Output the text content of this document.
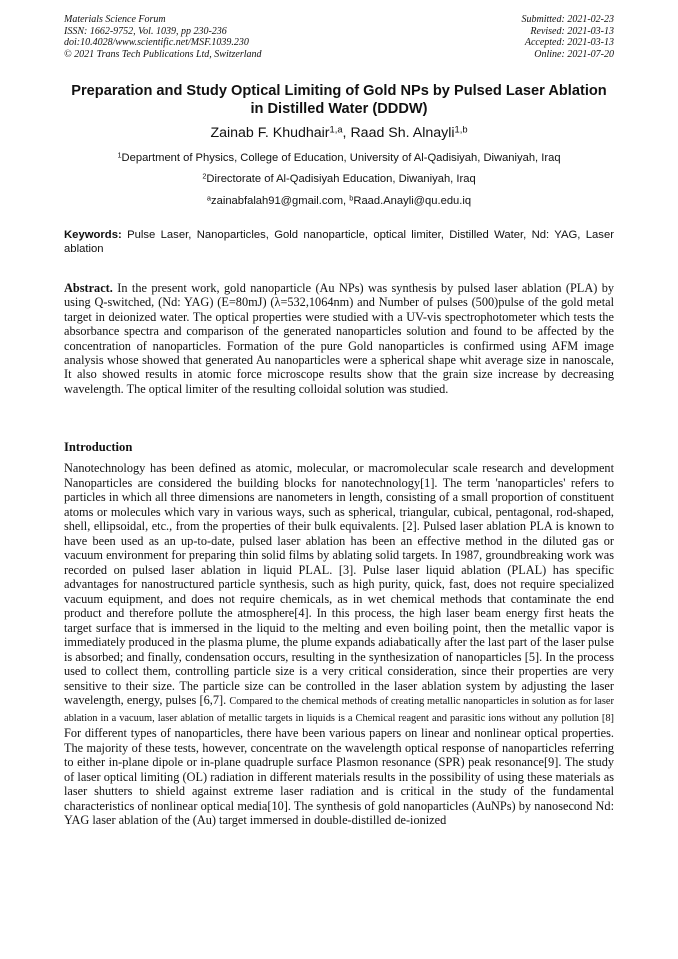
Materials Science Forum
ISSN: 1662-9752, Vol. 1039, pp 230-236
doi:10.4028/www.scientific.net/MSF.1039.230
© 2021 Trans Tech Publications Ltd, Switzerland
Submitted: 2021-02-23
Revised: 2021-03-13
Accepted: 2021-03-13
Online: 2021-07-20
Preparation and Study Optical Limiting of Gold NPs by Pulsed Laser Ablation in Distilled Water (DDDW)
Zainab F. Khudhair$^{1,a}$, Raad Sh. Alnayli$^{1,b}$
$^1$Department of Physics, College of Education, University of Al-Qadisiyah, Diwaniyah, Iraq
$^2$Directorate of Al-Qadisiyah Education, Diwaniyah, Iraq
$^a$zainabfalah91@gmail.com, $^b$Raad.Anayli@qu.edu.iq
Keywords: Pulse Laser, Nanoparticles, Gold nanoparticle, optical limiter, Distilled Water, Nd: YAG, Laser ablation
Abstract. In the present work, gold nanoparticle (Au NPs) was synthesis by pulsed laser ablation (PLA) by using Q-switched, (Nd: YAG) (E=80mJ) (λ=532,1064nm) and Number of pulses (500)pulse of the gold metal target in deionized water. The optical properties were studied with a UV-vis spectrophotometer which tests the absorbance spectra and comparison of the generated nanoparticles solution and found to be affected by the concentration of nanoparticles. Formation of the pure Gold nanoparticles is confirmed using AFM image analysis whose showed that generated Au nanoparticles were a spherical shape whit average size in nanoscale, It also showed results in atomic force microscope results show that the grain size increase by decreasing wavelength. The optical limiter of the resulting colloidal solution was studied.
Introduction
Nanotechnology has been defined as atomic, molecular, or macromolecular scale research and development Nanoparticles are considered the building blocks for nanotechnology[1]. The term 'nanoparticles' refers to particles in which all three dimensions are nanometers in length, consisting of a small proportion of constituent atoms or molecules which vary in various ways, such as spherical, triangular, cubical, pentagonal, rod-shaped, shell, ellipsoidal, etc., from the properties of their bulk equivalents. [2]. Pulsed laser ablation PLA is known to have been used as an up-to-date, pulsed laser ablation has been an effective method in the diluted gas or vacuum environment for preparing thin solid films by ablating solid targets. In 1987, groundbreaking work was recorded on pulsed laser ablation in liquid PLAL. [3]. Pulse laser liquid ablation (PLAL) has specific advantages for nanostructured particle synthesis, such as high purity, quick, fast, does not require specialized vacuum equipment, and does not require chemicals, as in wet chemical methods that contaminate the end product and therefore pollute the atmosphere[4]. In this process, the high laser beam energy first heats the target surface that is immersed in the liquid to the melting and even boiling point, then the metallic vapor is immediately produced in the plasma plume, the plume expands adiabatically after the last part of the laser pulse is absorbed; and finally, condensation occurs, resulting in the synthesization of nanoparticles [5]. In the process used to collect them, controlling particle size is a very critical consideration, since their properties are very sensitive to their size. The particle size can be controlled in the laser ablation system by adjusting the laser wavelength, energy, pulses [6,7]. Compared to the chemical methods of creating metallic nanoparticles in solution as for laser ablation in a vacuum, laser ablation of metallic targets in liquids is a Chemical reagent and parasitic ions without any pollution [8] For different types of nanoparticles, there have been various papers on linear and nonlinear optical properties. The majority of these tests, however, concentrate on the wavelength optical response of nanoparticles referring to either in-plane dipole or in-plane quadruple surface Plasmon resonance (SPR) peak resonance[9]. The study of laser optical limiting (OL) radiation in different materials results in the possibility of using these materials as laser shutters to shield against extreme laser radiation and is critical in the study of the fundamental characteristics of nonlinear optical media[10]. The synthesis of gold nanoparticles (AuNPs) by nanosecond Nd: YAG laser ablation of the (Au) target immersed in double-distilled de-ionized
